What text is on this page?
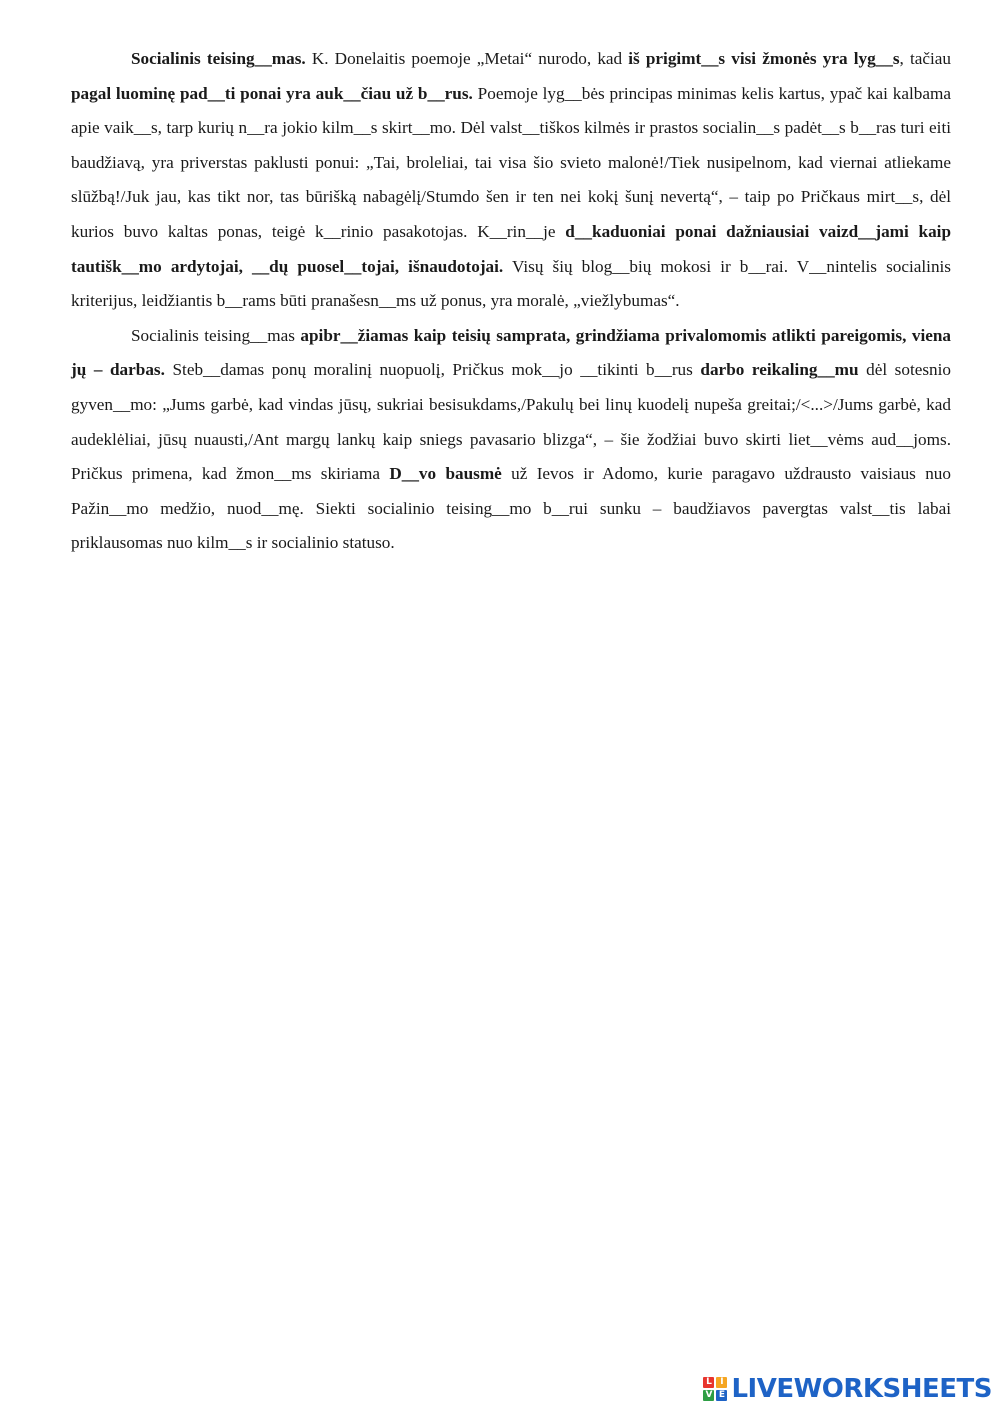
Socialinis teising__mas. K. Donelaitis poemoje „Metai“ nurodo, kad iš prigimt__s visi žmonės yra lyg__s, tačiau pagal luominę pad__ti ponai yra auk__čiau už b__rus. Poemoje lyg__bės principas minimas kelis kartus, ypač kai kalbama apie vaik__s, tarp kurių n__ra jokio kilm__s skirt__mo. Dėl valst__tiškos kilmės ir prastos socialin__s padėt__s b__ras turi eiti baudžiavą, yra priverstas paklusti ponui: „Tai, broleliai, tai visa šio svieto malonė!/Tiek nusipelnom, kad viernai atliekame slūžbą!/Juk jau, kas tikt nor, tas būrišką nabagėlį/Stumdo šen ir ten nei kokį šunį nevertą“, – taip po Pričkaus mirt__s, dėl kurios buvo kaltas ponas, teigė k__rinio pasakotojas. K__rin__je d__kaduoniai ponai dažniausiai vaizd__jami kaip tautišk__mo ardytojai, __dų puosel__tojai, išnaudotojai. Visų šių blog__bių mokosi ir b__rai. V__nintelis socialinis kriterijus, leidžiantis b__rams būti pranašesn__ms už ponus, yra moralė, „viežlybumas“.

Socialinis teising__mas apibr__žiamas kaip teisių samprata, grindžiama privalomomis atlikti pareigomis, viena jų – darbas. Steb__damas ponų moralinį nuopuolį, Pričkus mok__jo __tikinti b__rus darbo reikaling__mu dėl sotesnio gyven__mo: „Jums garbė, kad vindas jūsų, sukriai besisukdams,/Pakulų bei linų kuodelį nupeša greitai;/<...>/Jums garbė, kad audeklėliai, jūsų nuausti,/Ant margų lankų kaip sniegs pavasario blizga“, – šie žodžiai buvo skirti liet__vėms aud__joms. Pričkus primena, kad žmon__ms skiriama D__vo bausmė už Ievos ir Adomo, kurie paragavo uždrausto vaisiaus nuo Pažin__mo medžio, nuod__mę. Siekti socialinio teising__mo b__rui sunku – baudžiavos pavergtas valst__tis labai priklausomas nuo kilm__s ir socialinio statuso.

L I
V E LIVEWORKSHEETS
